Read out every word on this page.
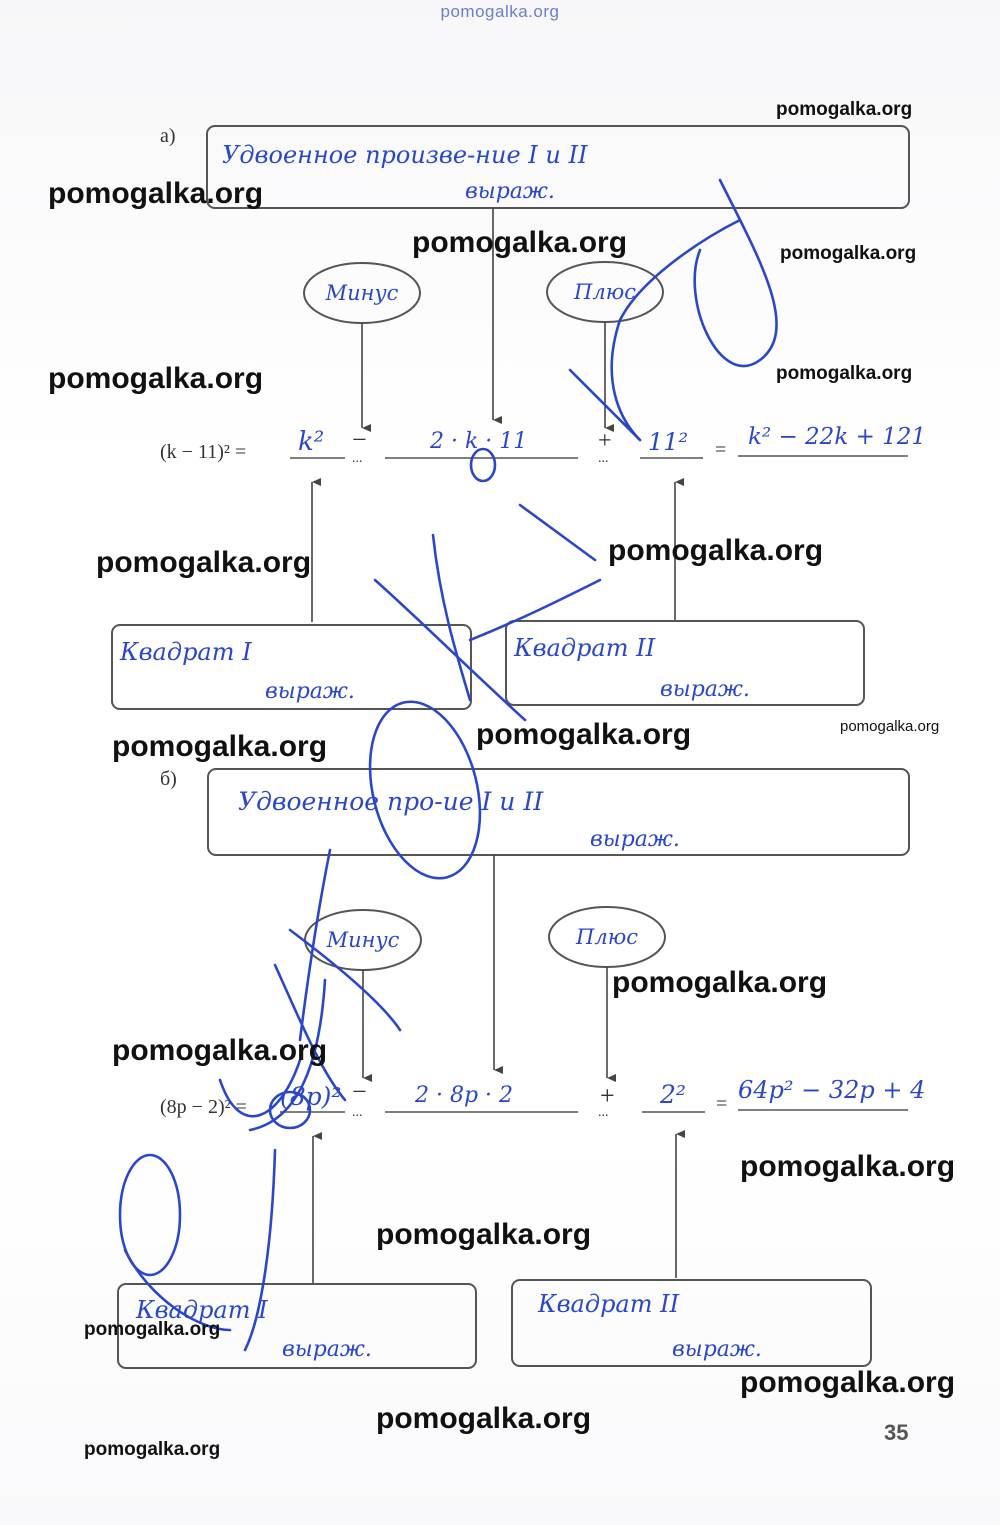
pomogalka.org
а)
Удвоенное произве-ние I и II
выраж.
Минус	Плюс
(k − 11)² = k² −
...
2 · k · 11	+
...
11² = k² − 22k + 121
Квадрат I
выраж.
Квадрат II
выраж.
б)
Удвоенное про-ие I и II
выраж.
Минус	Плюс
(8p − 2)² = (8p)² −
...
2 · 8p · 2	+
...
2² = 64p² − 32p + 4
Квадрат I
выраж.
Квадрат II
выраж.
pomogalka.org
pomogalka.org
pomogalka.org	pomogalka.org
pomogalka.org	pomogalka.org
pomogalka.org	pomogalka.org
pomogalka.org
pomogalka.org
pomogalka.org
pomogalka.org
pomogalka.org
pomogalka.org
pomogalka.org
pomogalka.org
pomogalka.org
pomogalka.org
pomogalka.org
35
